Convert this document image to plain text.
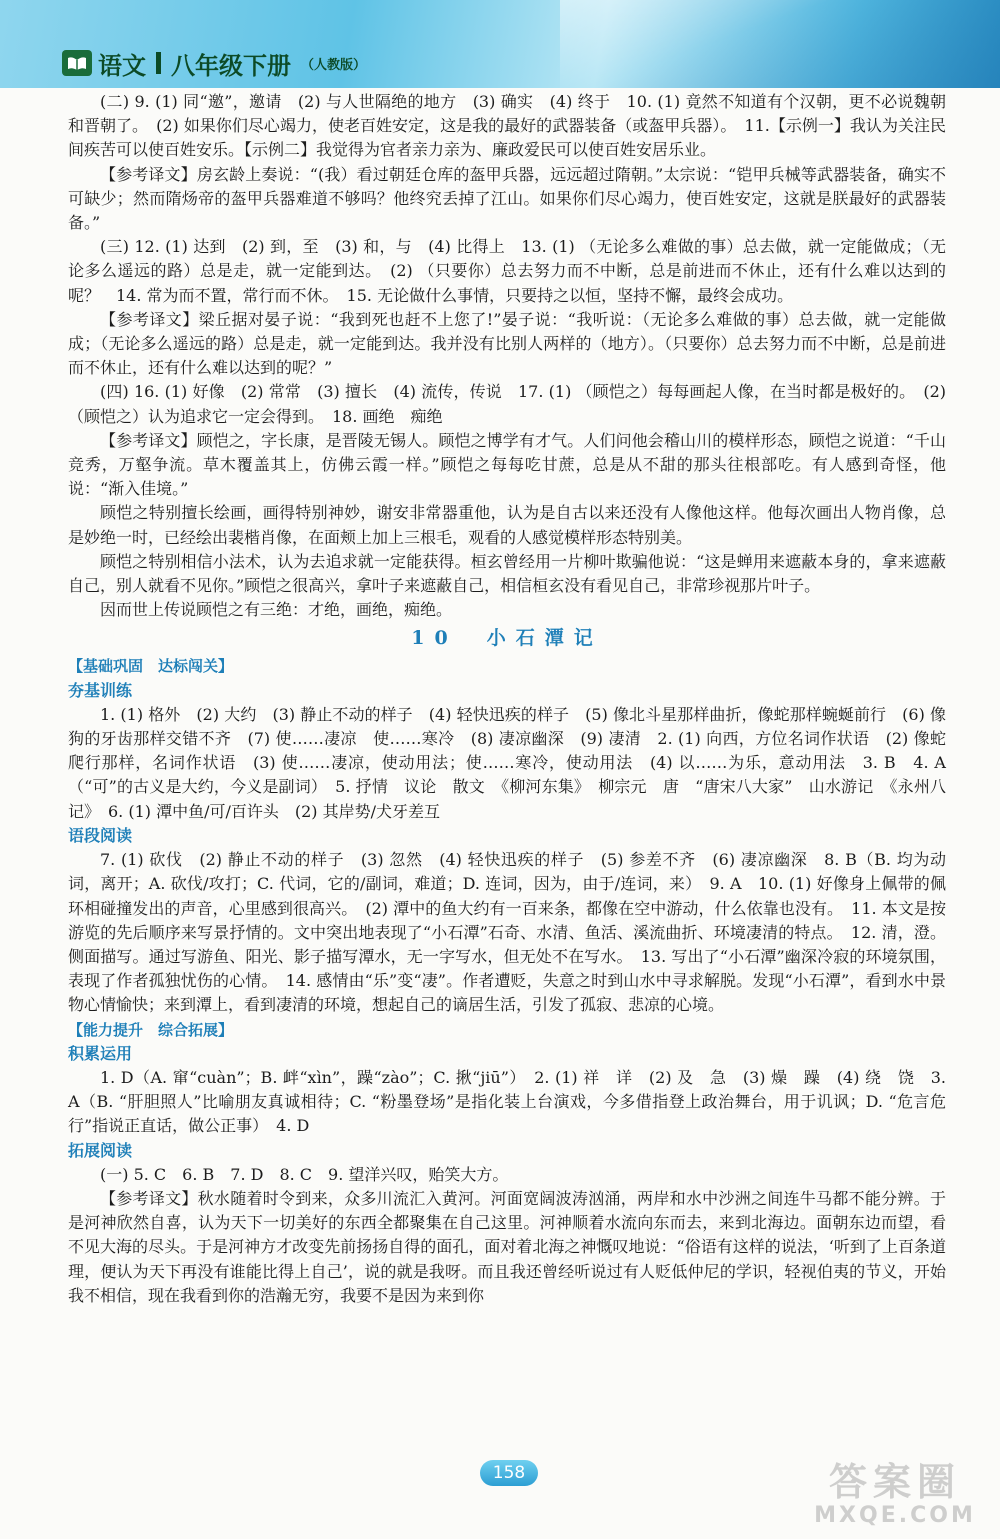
语文 八年级下册 （人教版）

(二) 9. (1) 同“邀”，邀请　(2) 与人世隔绝的地方　(3) 确实　(4) 终于　10. (1) 竟然不知道有个汉朝，更不必说魏朝和晋朝了。　(2) 如果你们尽心竭力，使老百姓安定，这是我的最好的武器装备（或盔甲兵器）。　11.【示例一】我认为关注民间疾苦可以使百姓安乐。【示例二】我觉得为官者亲力亲为、廉政爱民可以使百姓安居乐业。

【参考译文】房玄龄上奏说：“(我）看过朝廷仓库的盔甲兵器，远远超过隋朝。”太宗说：“铠甲兵械等武器装备，确实不可缺少；然而隋炀帝的盔甲兵器难道不够吗？他终究丢掉了江山。如果你们尽心竭力，使百姓安定，这就是朕最好的武器装备。”

(三) 12. (1) 达到　(2) 到，至　(3) 和，与　(4) 比得上　13. (1) （无论多么难做的事）总去做，就一定能做成；（无论多么遥远的路）总是走，就一定能到达。　(2) （只要你）总去努力而不中断，总是前进而不休止，还有什么难以达到的呢？　14. 常为而不置，常行而不休。　15. 无论做什么事情，只要持之以恒，坚持不懈，最终会成功。

【参考译文】梁丘据对晏子说：“我到死也赶不上您了!”晏子说：“我听说：（无论多么难做的事）总去做，就一定能做成；（无论多么遥远的路）总是走，就一定能到达。我并没有比别人两样的（地方）。（只要你）总去努力而不中断，总是前进而不休止，还有什么难以达到的呢？”

(四) 16. (1) 好像　(2) 常常　(3) 擅长　(4) 流传，传说　17. (1) （顾恺之）每每画起人像，在当时都是极好的。　(2) （顾恺之）认为追求它一定会得到。　18. 画绝　痴绝

【参考译文】顾恺之，字长康，是晋陵无锡人。顾恺之博学有才气。人们问他会稽山川的模样形态，顾恺之说道：“千山竞秀，万壑争流。草木覆盖其上，仿佛云霞一样。”顾恺之每每吃甘蔗，总是从不甜的那头往根部吃。有人感到奇怪，他说：“渐入佳境。”

顾恺之特别擅长绘画，画得特别神妙，谢安非常器重他，认为是自古以来还没有人像他这样。他每次画出人物肖像，总是妙绝一时，已经绘出裴楷肖像，在面颊上加上三根毛，观看的人感觉模样形态特别美。

顾恺之特别相信小法术，认为去追求就一定能获得。桓玄曾经用一片柳叶欺骗他说：“这是蝉用来遮蔽本身的，拿来遮蔽自己，别人就看不见你。”顾恺之很高兴，拿叶子来遮蔽自己，相信桓玄没有看见自己，非常珍视那片叶子。

因而世上传说顾恺之有三绝：才绝，画绝，痴绝。

10　小石潭记

【基础巩固　达标闯关】

夯基训练

1. (1) 格外　(2) 大约　(3) 静止不动的样子　(4) 轻快迅疾的样子　(5) 像北斗星那样曲折，像蛇那样蜿蜒前行　(6) 像狗的牙齿那样交错不齐　(7) 使……凄凉　使……寒冷　(8) 凄凉幽深　(9) 凄清　2. (1) 向西，方位名词作状语　(2) 像蛇爬行那样，名词作状语　(3) 使……凄凉，使动用法；使……寒冷，使动用法　(4) 以……为乐，意动用法　3. B　4. A（“可”的古义是大约，今义是副词）　5. 抒情　议论　散文　《柳河东集》　柳宗元　唐　“唐宋八大家”　山水游记　《永州八记》　6. (1) 潭中鱼/可/百许头　(2) 其岸势/犬牙差互

语段阅读

7. (1) 砍伐　(2) 静止不动的样子　(3) 忽然　(4) 轻快迅疾的样子　(5) 参差不齐　(6) 凄凉幽深　8. B（B. 均为动词，离开；A. 砍伐/攻打；C. 代词，它的/副词，难道；D. 连词，因为，由于/连词，来）　9. A　10. (1) 好像身上佩带的佩环相碰撞发出的声音，心里感到很高兴。　(2) 潭中的鱼大约有一百来条，都像在空中游动，什么依靠也没有。　11. 本文是按游览的先后顺序来写景抒情的。文中突出地表现了“小石潭”石奇、水清、鱼活、溪流曲折、环境凄清的特点。　12. 清，澄。侧面描写。通过写游鱼、阳光、影子描写潭水，无一字写水，但无处不在写水。　13. 写出了“小石潭”幽深冷寂的环境氛围，表现了作者孤独忧伤的心情。　14. 感情由“乐”变“凄”。作者遭贬，失意之时到山水中寻求解脱。发现“小石潭”，看到水中景物心情愉快；来到潭上，看到凄清的环境，想起自己的谪居生活，引发了孤寂、悲凉的心境。

【能力提升　综合拓展】

积累运用

1. D（A. 窜“cuàn”；B. 衅“xìn”，躁“zào”；C. 揪“jiū”）　2. (1) 祥　详　(2) 及　急　(3) 燥　躁　(4) 绕　饶　3. A（B. “肝胆照人”比喻朋友真诚相待；C. “粉墨登场”是指化装上台演戏，今多借指登上政治舞台，用于讥讽；D. “危言危行”指说正直话，做公正事）　4. D

拓展阅读

(一) 5. C　6. B　7. D　8. C　9. 望洋兴叹，贻笑大方。

【参考译文】秋水随着时令到来，众多川流汇入黄河。河面宽阔波涛汹涌，两岸和水中沙洲之间连牛马都不能分辨。于是河神欣然自喜，认为天下一切美好的东西全都聚集在自己这里。河神顺着水流向东而去，来到北海边。面朝东边而望，看不见大海的尽头。于是河神方才改变先前扬扬自得的面孔，面对着北海之神慨叹地说：“俗语有这样的说法，‘听到了上百条道理，便认为天下再没有谁能比得上自己’，说的就是我呀。而且我还曾经听说过有人贬低仲尼的学识，轻视伯夷的节义，开始我不相信，现在我看到你的浩瀚无穷，我要不是因为来到你

158	答案圈
MXQE.COM
